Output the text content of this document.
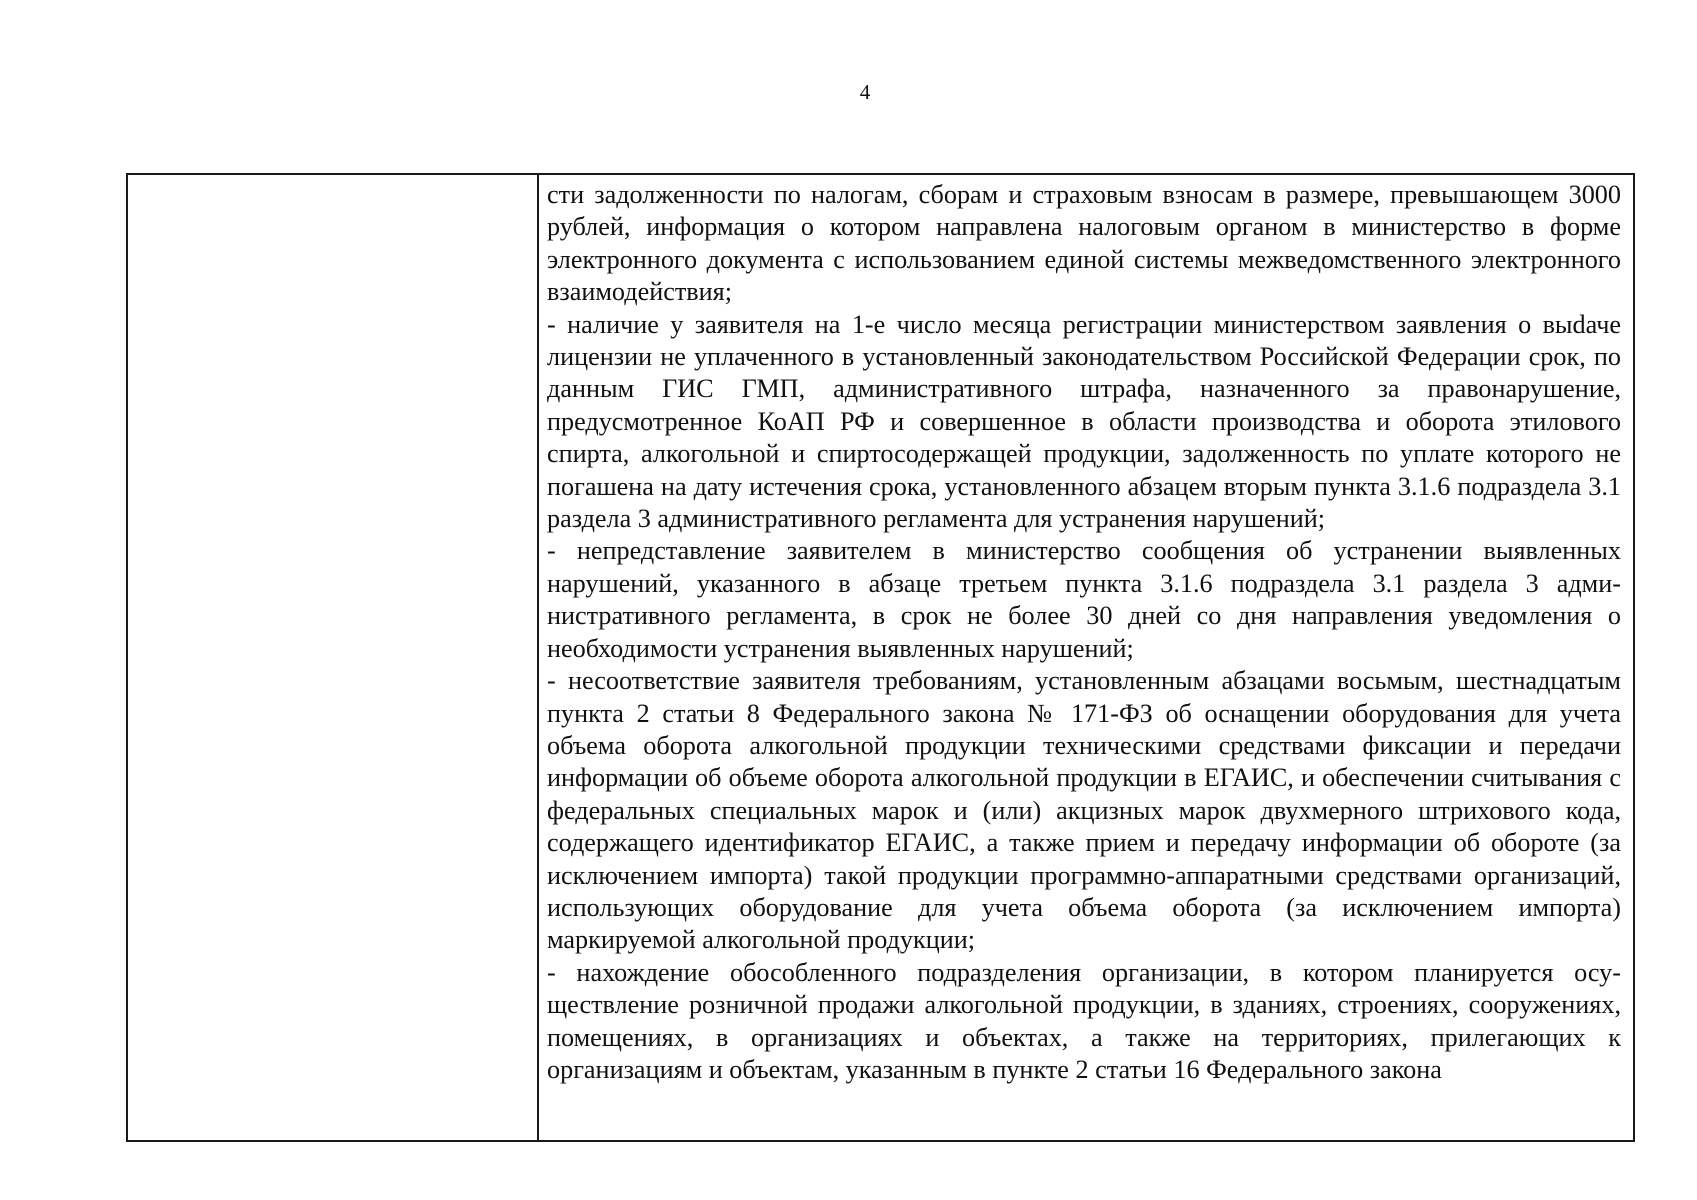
4

сти задолженности по налогам, сборам и страховым взносам в размере, превышающем 3000 рублей, информация о котором направлена налоговым органом в министерство в форме электронного документа с использованием единой системы межведомственного электронного взаимодействия;

- наличие у заявителя на 1-е число месяца регистрации министерством заявления о выdаче лицензии не уплаченного в установленный законодательством Российской Федерации срок, по данным ГИС ГМП, административного штрафа, назначенного за правонарушение, предусмотренное КоАП РФ и совершенное в области производства и оборота этилового спирта, алкогольной и спиртосодержащей продукции, задолженность по уплате которого не погашена на дату истечения срока, установленного абзацем вторым пункта 3.1.6 подраздела 3.1 раздела 3 административного регламента для устранения нарушений;

- непредставление заявителем в министерство сообщения об устранении выявленных нарушений, указанного в абзаце третьем пункта 3.1.6 подраздела 3.1 раздела 3 административного регламента, в срок не более 30 дней со дня направления уведомления о необходимости устранения выявленных нарушений;

- несоответствие заявителя требованиям, установленным абзацами восьмым, шестнадцатым пункта 2 статьи 8 Федерального закона № 171-ФЗ об оснащении оборудования для учета объема оборота алкогольной продукции техническими средствами фиксации и передачи информации об объеме оборота алкогольной продукции в ЕГАИС, и обеспечении считывания с федеральных специальных марок и (или) акцизных марок двухмерного штрихового кода, содержащего идентификатор ЕГАИС, а также прием и передачу информации об обороте (за исключением импорта) такой продукции программно-аппаратными средствами организаций, использующих оборудование для учета объема оборота (за исключением импорта) маркируемой алкогольной продукции;

- нахождение обособленного подразделения организации, в котором планируется осуществление розничной продажи алкогольной продукции, в зданиях, строениях, сооружениях, помещениях, в организациях и объектах, а также на территориях, прилегающих к организациям и объектам, указанным в пункте 2 статьи 16 Федерального закона
